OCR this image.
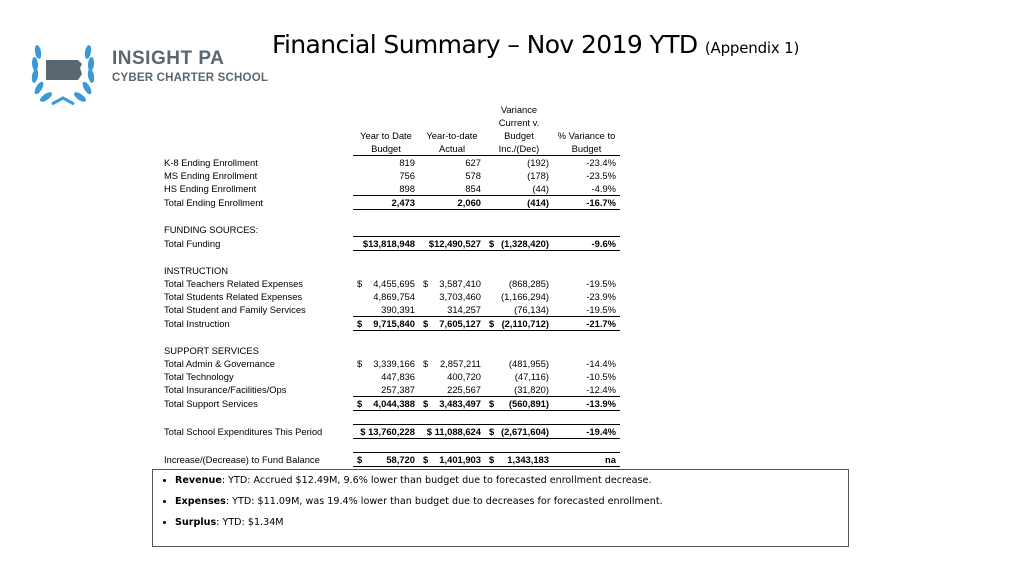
INSIGHT PA
CYBER CHARTER SCHOOL
Financial Summary – Nov 2019 YTD (Appendix 1)
			Variance	
			Current v.	
	Year to Date	Year-to-date	Budget	% Variance to
	Budget	Actual	Inc./(Dec)	Budget
K-8 Ending Enrollment	819	627	(192)	-23.4%
MS Ending Enrollment	756	578	(178)	-23.5%
HS Ending Enrollment	898	854	(44)	-4.9%
Total Ending Enrollment	2,473	2,060	(414)	-16.7%

FUNDING SOURCES:				
Total Funding	$13,818,948	$12,490,527	$ (1,328,420)	-9.6%

INSTRUCTION				
Total Teachers Related Expenses	$ 4,455,695	$ 3,587,410	(868,285)	-19.5%
Total Students Related Expenses	4,869,754	3,703,460	(1,166,294)	-23.9%
Total Student and Family Services	390,391	314,257	(76,134)	-19.5%
Total Instruction	$ 9,715,840	$ 7,605,127	$ (2,110,712)	-21.7%

SUPPORT SERVICES				
Total Admin & Governance	$ 3,339,166	$ 2,857,211	(481,955)	-14.4%
Total Technology	447,836	400,720	(47,116)	-10.5%
Total Insurance/Facilities/Ops	257,387	225,567	(31,820)	-12.4%
Total Support Services	$ 4,044,388	$ 3,483,497	$ (560,891)	-13.9%

Total School Expenditures This Period	$ 13,760,228	$ 11,088,624	$ (2,671,604)	-19.4%

Increase/(Decrease) to Fund Balance	$ 58,720	$ 1,401,903	$ 1,343,183	na
• Revenue: YTD: Accrued $12.49M, 9.6% lower than budget due to forecasted enrollment decrease.
• Expenses: YTD: $11.09M, was 19.4% lower than budget due to decreases for forecasted enrollment.
• Surplus: YTD: $1.34M
